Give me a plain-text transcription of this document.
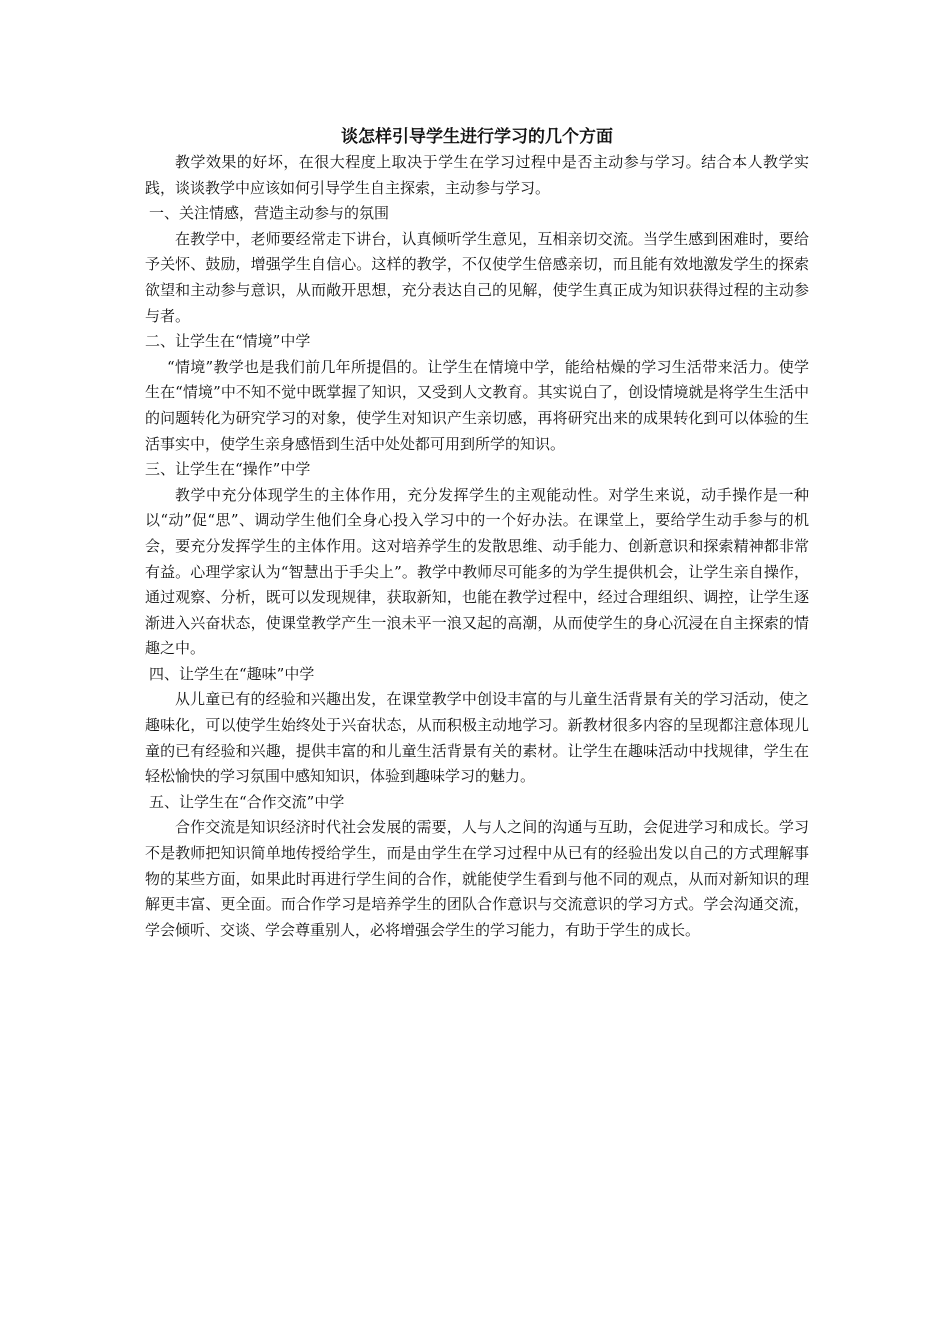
谈怎样引导学生进行学习的几个方面

教学效果的好坏，在很大程度上取决于学生在学习过程中是否主动参与学习。结合本人教学实践，谈谈教学中应该如何引导学生自主探索，主动参与学习。

一、关注情感，营造主动参与的氛围

在教学中，老师要经常走下讲台，认真倾听学生意见，互相亲切交流。当学生感到困难时，要给予关怀、鼓励，增强学生自信心。这样的教学，不仅使学生倍感亲切，而且能有效地激发学生的探索欲望和主动参与意识，从而敞开思想，充分表达自己的见解，使学生真正成为知识获得过程的主动参与者。

二、让学生在“情境”中学

“情境”教学也是我们前几年所提倡的。让学生在情境中学，能给枯燥的学习生活带来活力。使学生在“情境”中不知不觉中既掌握了知识，又受到人文教育。其实说白了，创设情境就是将学生生活中的问题转化为研究学习的对象，使学生对知识产生亲切感，再将研究出来的成果转化到可以体验的生活事实中，使学生亲身感悟到生活中处处都可用到所学的知识。

三、让学生在“操作”中学

教学中充分体现学生的主体作用，充分发挥学生的主观能动性。对学生来说，动手操作是一种以“动”促“思”、调动学生他们全身心投入学习中的一个好办法。在课堂上，要给学生动手参与的机会，要充分发挥学生的主体作用。这对培养学生的发散思维、动手能力、创新意识和探索精神都非常有益。心理学家认为“智慧出于手尖上”。教学中教师尽可能多的为学生提供机会，让学生亲自操作，通过观察、分析，既可以发现规律，获取新知，也能在教学过程中，经过合理组织、调控，让学生逐渐进入兴奋状态，使课堂教学产生一浪未平一浪又起的高潮，从而使学生的身心沉浸在自主探索的情趣之中。

四、让学生在“趣味”中学

从儿童已有的经验和兴趣出发，在课堂教学中创设丰富的与儿童生活背景有关的学习活动，使之趣味化，可以使学生始终处于兴奋状态，从而积极主动地学习。新教材很多内容的呈现都注意体现儿童的已有经验和兴趣，提供丰富的和儿童生活背景有关的素材。让学生在趣味活动中找规律，学生在轻松愉快的学习氛围中感知知识，体验到趣味学习的魅力。

五、让学生在“合作交流”中学

合作交流是知识经济时代社会发展的需要，人与人之间的沟通与互助，会促进学习和成长。学习不是教师把知识简单地传授给学生，而是由学生在学习过程中从已有的经验出发以自己的方式理解事物的某些方面，如果此时再进行学生间的合作，就能使学生看到与他不同的观点，从而对新知识的理解更丰富、更全面。而合作学习是培养学生的团队合作意识与交流意识的学习方式。学会沟通交流，学会倾听、交谈、学会尊重别人，必将增强会学生的学习能力，有助于学生的成长。
